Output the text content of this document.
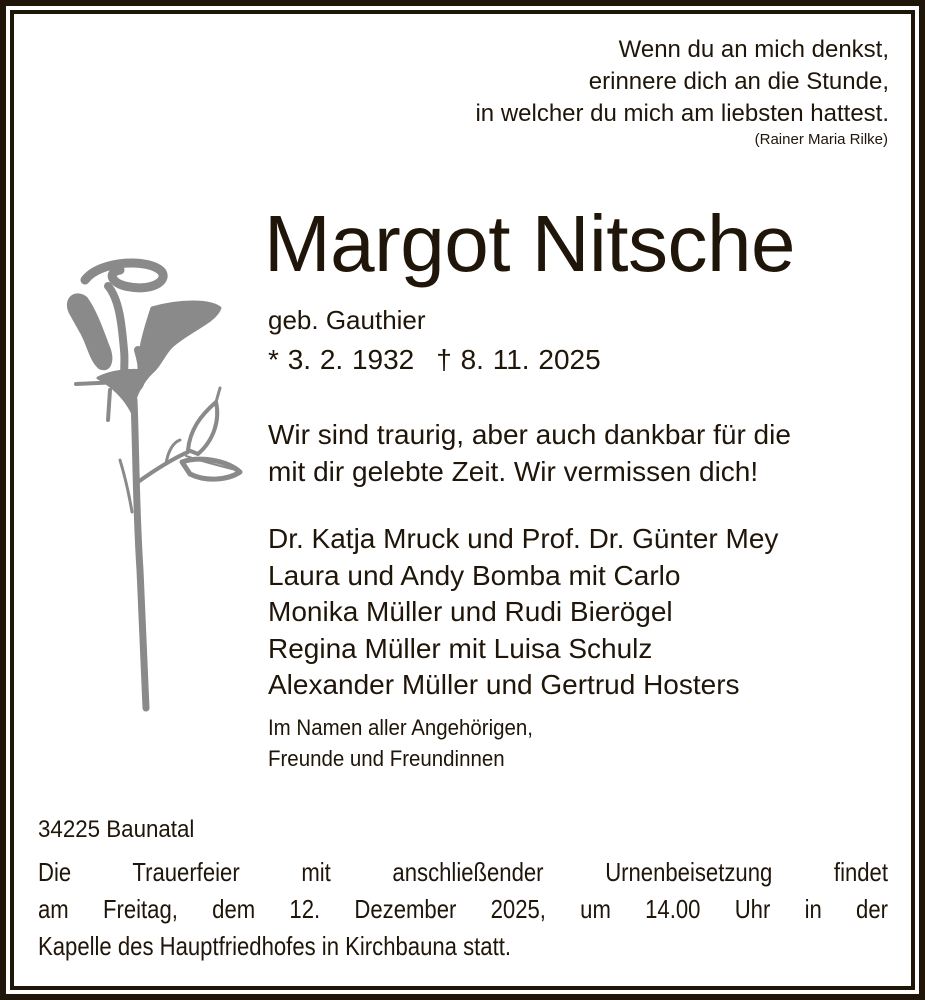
Wenn du an mich denkst,
erinnere dich an die Stunde,
in welcher du mich am liebsten hattest.
(Rainer Maria Rilke)
Margot Nitsche
geb. Gauthier
* 3. 2. 1932 † 8. 11. 2025
Wir sind traurig, aber auch dankbar für die
mit dir gelebte Zeit. Wir vermissen dich!
Dr. Katja Mruck und Prof. Dr. Günter Mey
Laura und Andy Bomba mit Carlo
Monika Müller und Rudi Bierögel
Regina Müller mit Luisa Schulz
Alexander Müller und Gertrud Hosters
Im Namen aller Angehörigen,
Freunde und Freundinnen
34225 Baunatal
Die Trauerfeier mit anschließender Urnenbeisetzung findet
am Freitag, dem 12. Dezember 2025, um 14.00 Uhr in der
Kapelle des Hauptfriedhofes in Kirchbauna statt.
